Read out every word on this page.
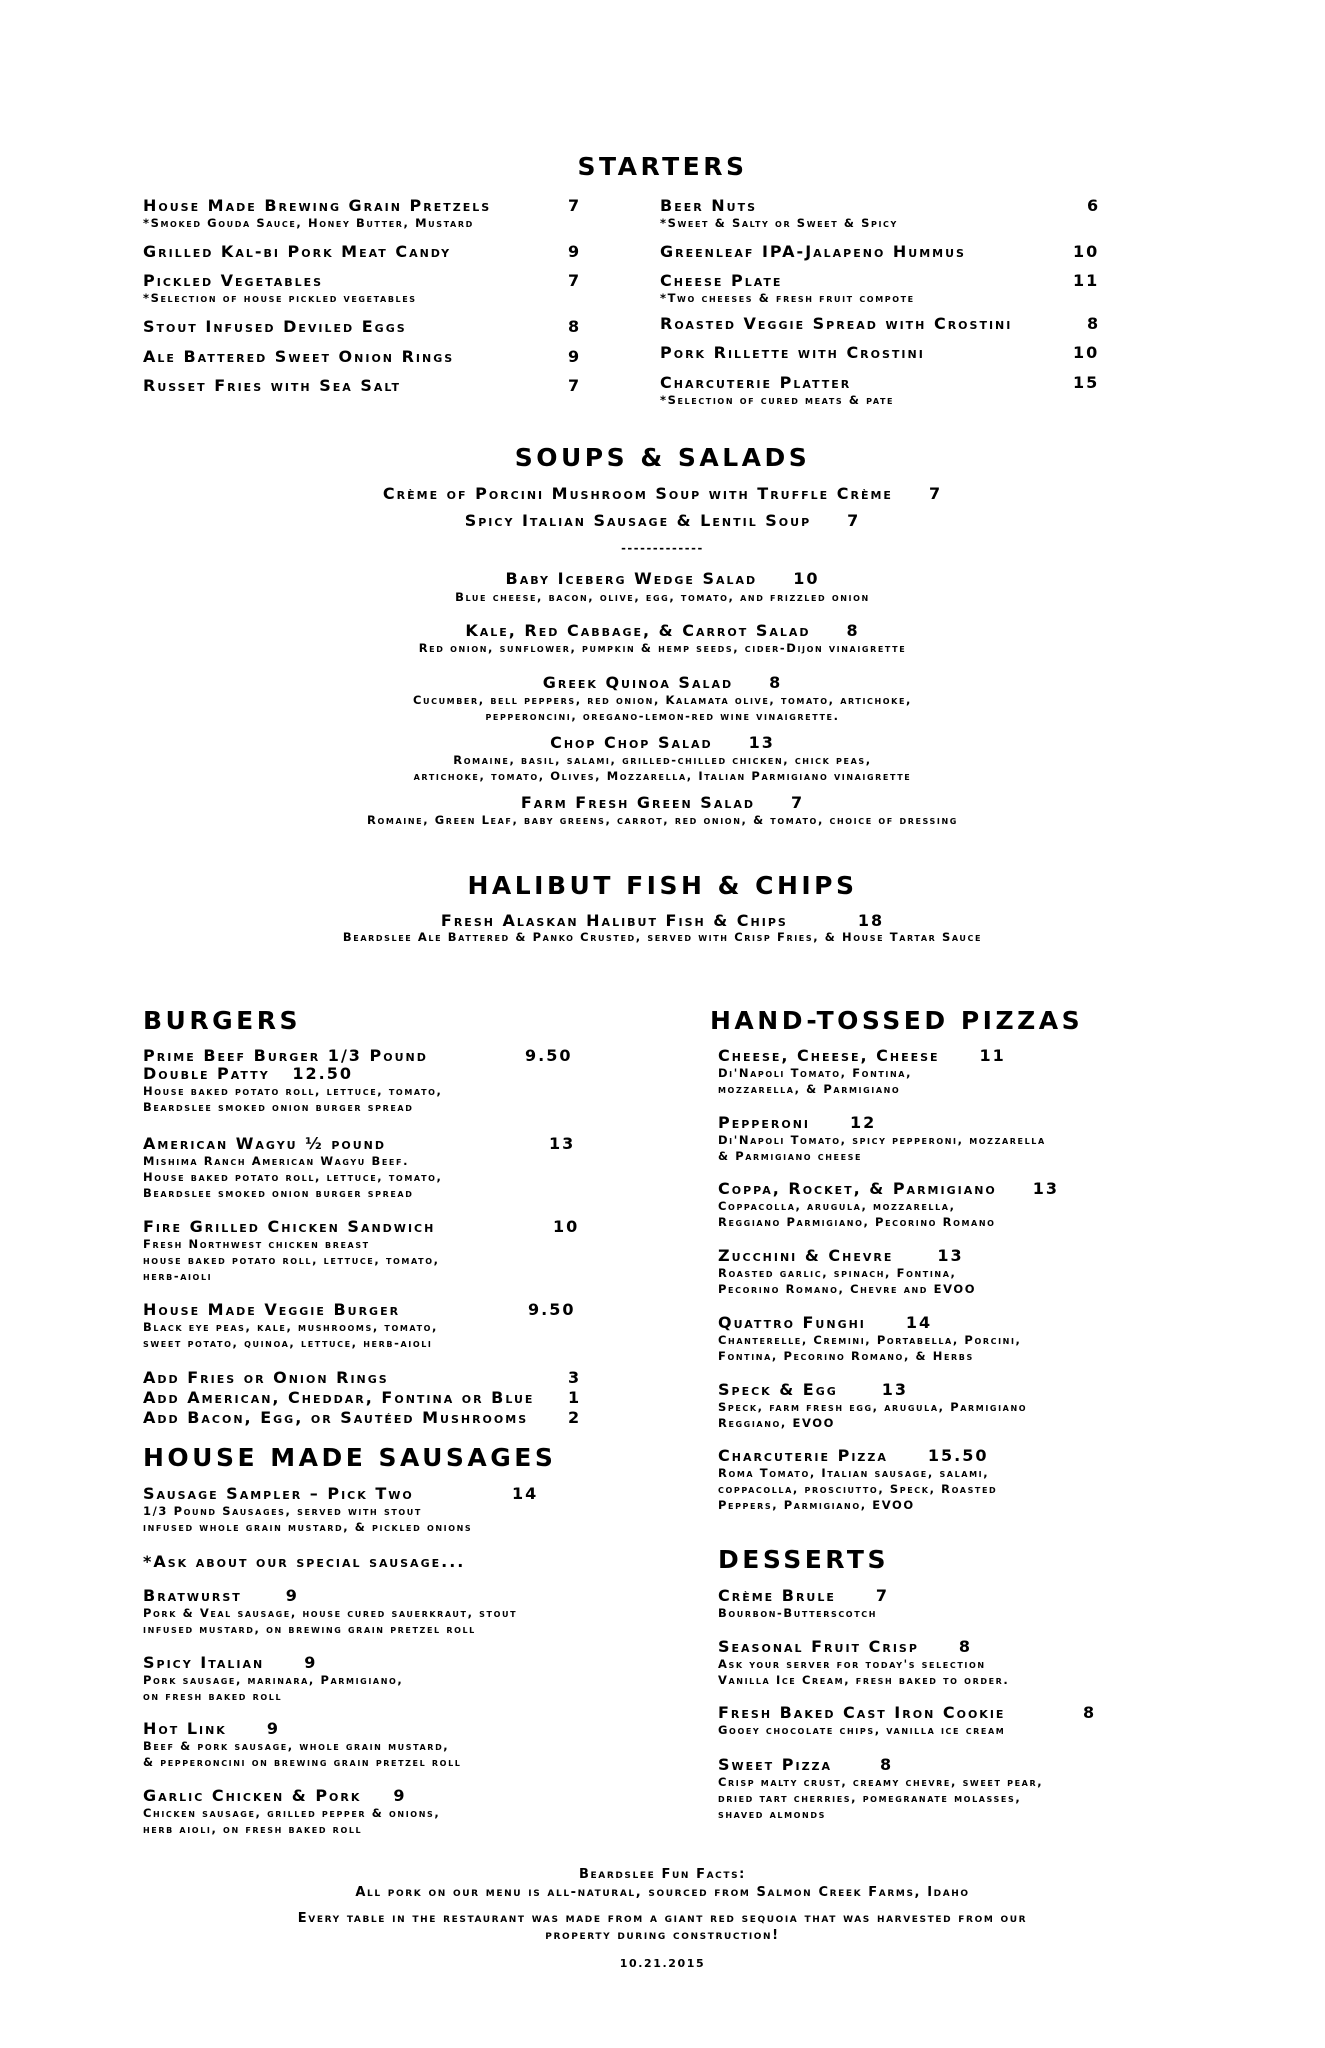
STARTERS
House Made Brewing Grain Pretzels
*Smoked Gouda Sauce, Honey Butter, Mustard
7
Grilled Kal-bi Pork Meat Candy	9
Pickled Vegetables
*Selection of house pickled vegetables
7
Stout Infused Deviled Eggs	8
Ale Battered Sweet Onion Rings	9
Russet Fries with Sea Salt	7
Beer Nuts
*Sweet & Salty or Sweet & Spicy
6
Greenleaf IPA-Jalapeno Hummus	10
Cheese Plate
*Two cheeses & fresh fruit compote
11
Roasted Veggie Spread with Crostini	8
Pork Rillette with Crostini	10
Charcuterie Platter
*Selection of cured meats & pate
15
SOUPS & SALADS
Crème of Porcini Mushroom Soup with Truffle Crème 7
Spicy Italian Sausage & Lentil Soup 7
-------------
Baby Iceberg Wedge Salad 10
Blue cheese, bacon, olive, egg, tomato, and frizzled onion
Kale, Red Cabbage, & Carrot Salad 8
Red onion, sunflower, pumpkin & hemp seeds, cider-Dijon vinaigrette
Greek Quinoa Salad 8
Cucumber, bell peppers, red onion, Kalamata olive, tomato, artichoke,
pepperoncini, oregano-lemon-red wine vinaigrette.
Chop Chop Salad 13
Romaine, basil, salami, grilled-chilled chicken, chick peas,
artichoke, tomato, Olives, Mozzarella, Italian Parmigiano vinaigrette
Farm Fresh Green Salad 7
Romaine, Green Leaf, baby greens, carrot, red onion, & tomato, choice of dressing
HALIBUT FISH & CHIPS
Fresh Alaskan Halibut Fish & Chips	18
Beardslee Ale Battered & Panko Crusted, served with Crisp Fries, & House Tartar Sauce
BURGERS
Prime Beef Burger 1/3 Pound
Double Patty   12.50
House baked potato roll, lettuce, tomato,
Beardslee smoked onion burger spread
9.50
American Wagyu ½ pound
Mishima Ranch American Wagyu Beef.
House baked potato roll, lettuce, tomato,
Beardslee smoked onion burger spread
13
Fire Grilled Chicken Sandwich
Fresh Northwest chicken breast
house baked potato roll, lettuce, tomato,
herb-aioli
10
House Made Veggie Burger
Black eye peas, kale, mushrooms, tomato,
sweet potato, quinoa, lettuce, herb-aioli
9.50
Add Fries or Onion Rings	3
Add American, Cheddar, Fontina or Blue 1
Add Bacon, Egg, or Sautéed Mushrooms 2
HOUSE MADE SAUSAGES
Sausage Sampler – Pick Two
1/3 Pound Sausages, served with stout
infused whole grain mustard, & pickled onions
14
*Ask about our special sausage...
Bratwurst	9
Pork & Veal sausage, house cured sauerkraut, stout
infused mustard, on brewing grain pretzel roll
Spicy Italian	9
Pork sausage, marinara, Parmigiano,
on fresh baked roll
Hot Link	9
Beef & pork sausage, whole grain mustard,
& pepperoncini on brewing grain pretzel roll
Garlic Chicken & Pork 9
Chicken sausage, grilled pepper & onions,
herb aioli, on fresh baked roll
HAND-TOSSED PIZZAS
Cheese, Cheese, Cheese	11
Di'Napoli Tomato, Fontina,
mozzarella, & Parmigiano
Pepperoni	12
Di'Napoli Tomato, spicy pepperoni, mozzarella
& Parmigiano cheese
Coppa, Rocket, & Parmigiano 13
Coppacolla, arugula, mozzarella,
Reggiano Parmigiano, Pecorino Romano
Zucchini & Chevre	13
Roasted garlic, spinach, Fontina,
Pecorino Romano, Chevre and EVOO
Quattro Funghi	14
Chanterelle, Cremini, Portabella, Porcini,
Fontina, Pecorino Romano, & Herbs
Speck & Egg	13
Speck, farm fresh egg, arugula, Parmigiano
Reggiano, EVOO
Charcuterie Pizza	15.50
Roma Tomato, Italian sausage, salami,
coppacolla, prosciutto, Speck, Roasted
Peppers, Parmigiano, EVOO
DESSERTS
Crème Brule	7
Bourbon-Butterscotch
Seasonal Fruit Crisp	8
Ask your server for today's selection
Vanilla Ice Cream, fresh baked to order.
Fresh Baked Cast Iron Cookie
Gooey chocolate chips, vanilla ice cream
8
Sweet Pizza	8
Crisp malty crust, creamy chevre, sweet pear,
dried tart cherries, pomegranate molasses,
shaved almonds
Beardslee Fun Facts:
All pork on our menu is all-natural, sourced from Salmon Creek Farms, Idaho
Every table in the restaurant was made from a giant red sequoia that was harvested from our
property during construction!
10.21.2015
